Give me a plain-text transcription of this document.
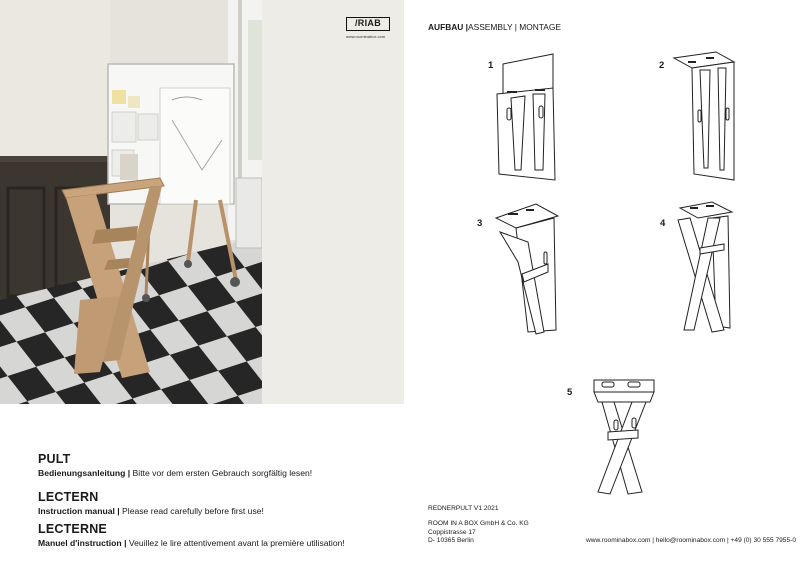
/RIAB
www.roominabox.com
PULT
Bedienungsanleitung | Bitte vor dem ersten Gebrauch sorgfältig lesen!
LECTERN
Instruction manual | Please read carefully before first use!
LECTERNE
Manuel d'instruction | Veuillez le lire attentivement avant la première utilisation!
AUFBAU |ASSEMBLY | MONTAGE
1	2
3	4
5
REDNERPULT V1 2021
ROOM IN A BOX GmbH & Co. KG
Coppistrasse 17
D- 10365 Berlin	www.roominabox.com | hello@roominabox.com | +49 (0) 30 555 7955-0
